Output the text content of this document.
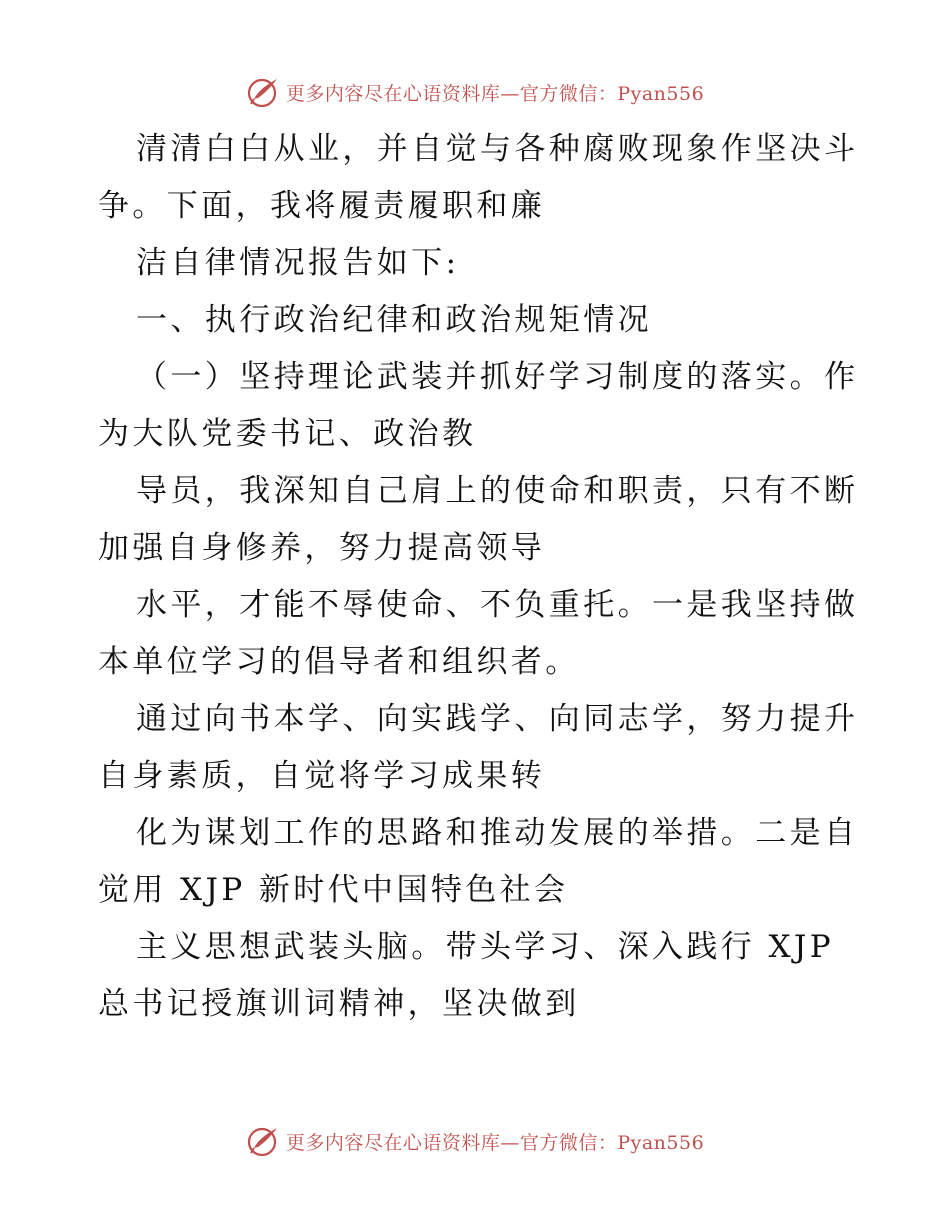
更多内容尽在心语资料库—官方微信：Pyan556
清清白白从业，并自觉与各种腐败现象作坚决斗
争。下面，我将履责履职和廉
洁自律情况报告如下:
一、执行政治纪律和政治规矩情况
（一）坚持理论武装并抓好学习制度的落实。作
为大队党委书记、政治教
导员，我深知自己肩上的使命和职责，只有不断
加强自身修养，努力提高领导
水平，才能不辱使命、不负重托。一是我坚持做
本单位学习的倡导者和组织者。
通过向书本学、向实践学、向同志学，努力提升
自身素质，自觉将学习成果转
化为谋划工作的思路和推动发展的举措。二是自
觉用 XJP 新时代中国特色社会
主义思想武装头脑。带头学习、深入践行 XJP
总书记授旗训词精神，坚决做到
更多内容尽在心语资料库—官方微信：Pyan556
